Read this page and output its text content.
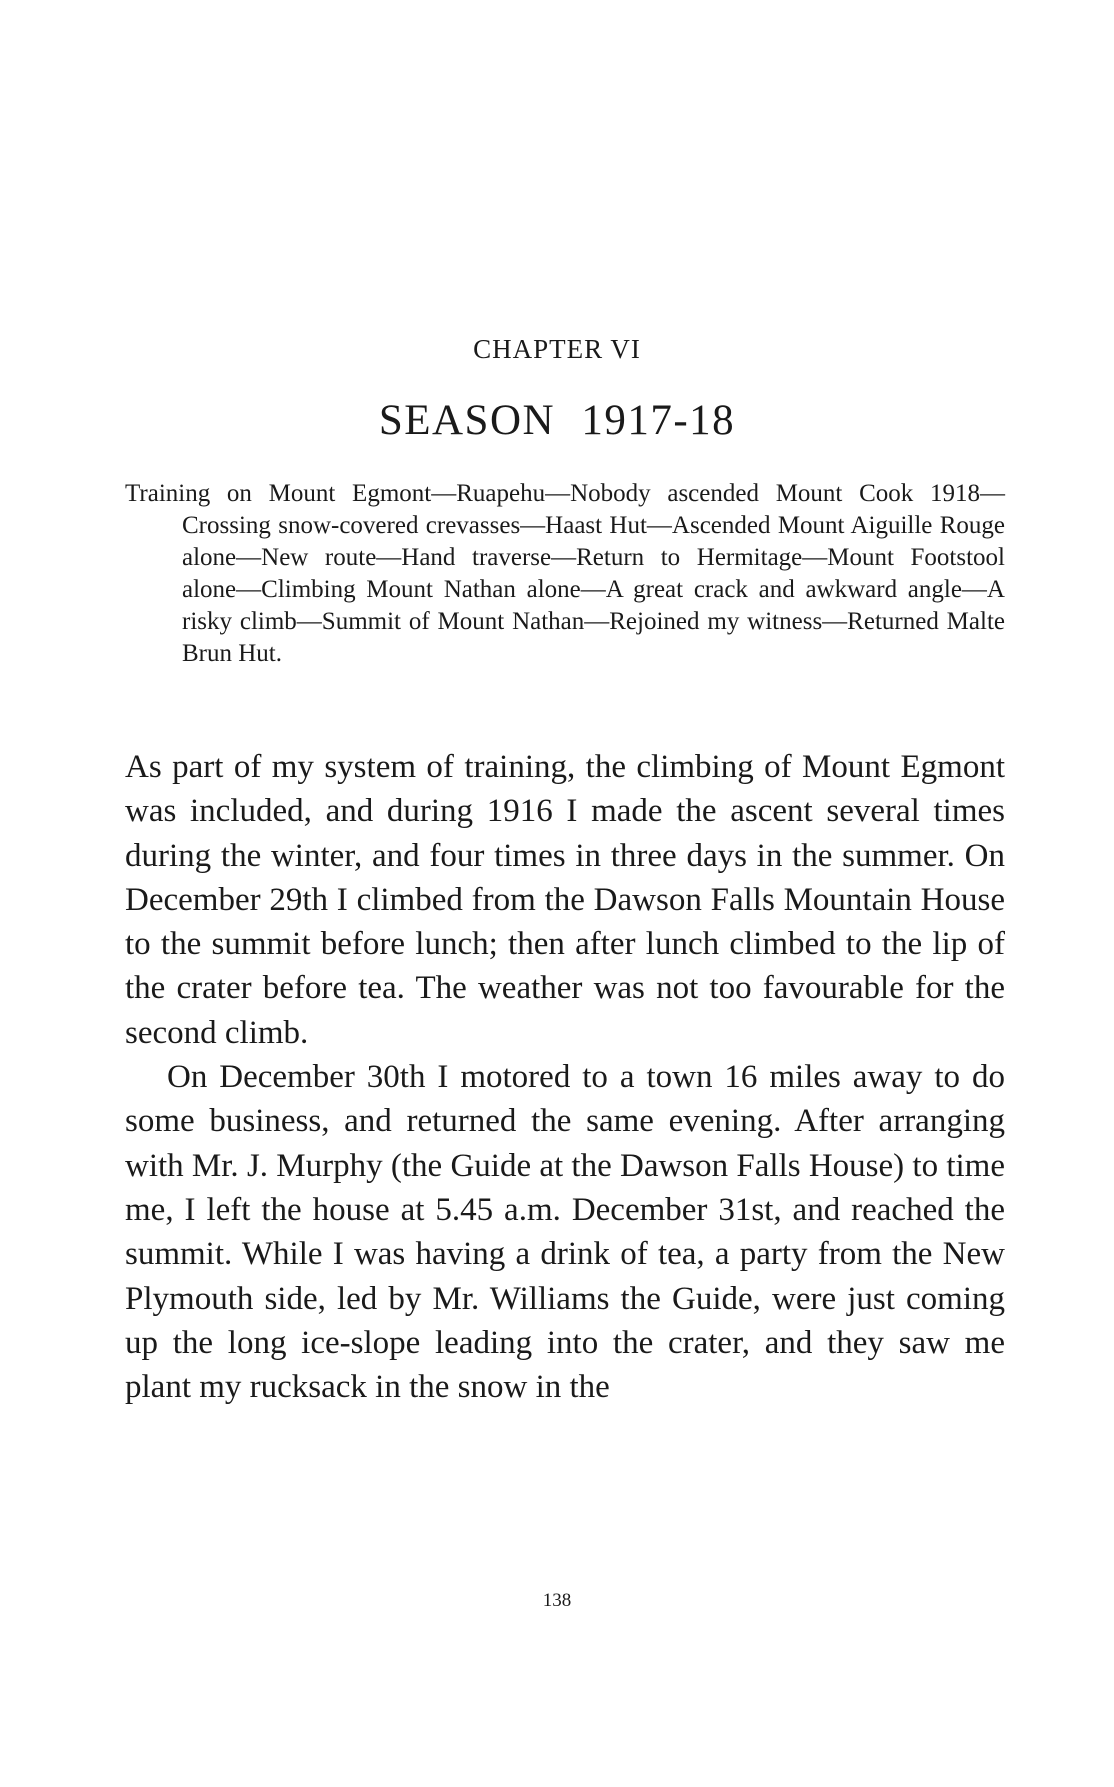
CHAPTER VI
SEASON 1917-18
Training on Mount Egmont—Ruapehu—Nobody ascended Mount Cook 1918—Crossing snow-covered crevasses—Haast Hut—Ascended Mount Aiguille Rouge alone—New route—Hand traverse—Return to Hermitage—Mount Footstool alone—Climbing Mount Nathan alone—A great crack and awkward angle—A risky climb—Summit of Mount Nathan—Rejoined my witness—Returned Malte Brun Hut.

As part of my system of training, the climbing of Mount Egmont was included, and during 1916 I made the ascent several times during the winter, and four times in three days in the summer. On December 29th I climbed from the Dawson Falls Mountain House to the summit before lunch; then after lunch climbed to the lip of the crater before tea. The weather was not too favourable for the second climb.

On December 30th I motored to a town 16 miles away to do some business, and returned the same evening. After arranging with Mr. J. Murphy (the Guide at the Dawson Falls House) to time me, I left the house at 5.45 a.m. December 31st, and reached the summit. While I was having a drink of tea, a party from the New Plymouth side, led by Mr. Williams the Guide, were just coming up the long ice-slope leading into the crater, and they saw me plant my rucksack in the snow in the

138
